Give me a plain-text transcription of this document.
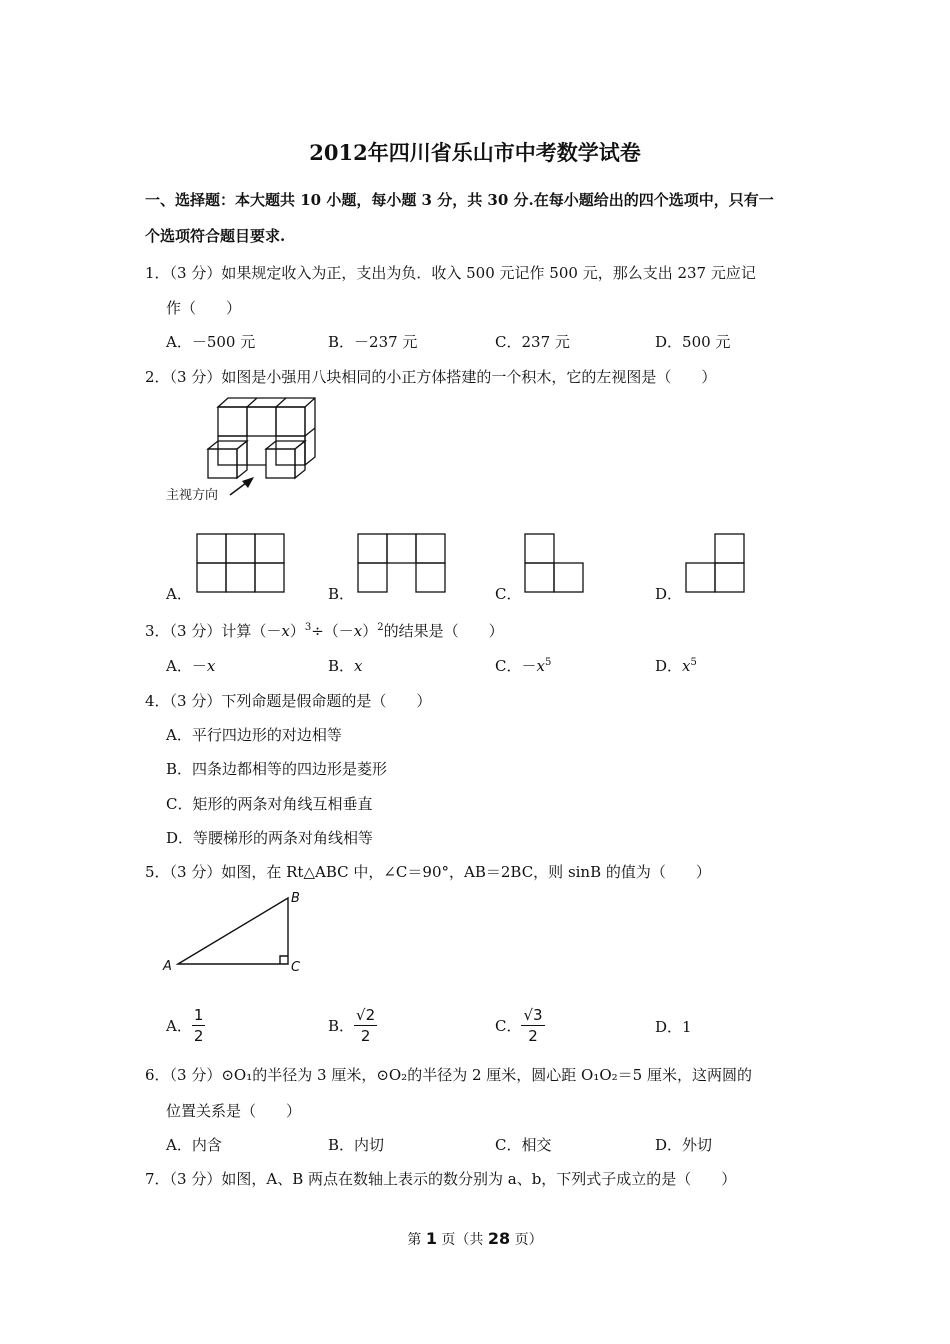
2012年四川省乐山市中考数学试卷
一、选择题：本大题共 10 小题，每小题 3 分，共 30 分.在每小题给出的四个选项中，只有一
个选项符合题目要求.
1．（3 分）如果规定收入为正，支出为负．收入 500 元记作 500 元，那么支出 237 元应记
作（　　）
A．－500 元	B．－237 元	C．237 元	D．500 元
2．（3 分）如图是小强用八块相同的小正方体搭建的一个积木，它的左视图是（　　）
主视方向
A．	B．	C．	D．
3．（3 分）计算$(-x)^3\div(-x)^2$的结果是（　　）
A．－x	B．x	C．$-x^5$	D．$x^5$
4．（3 分）下列命题是假命题的是（　　）
A．平行四边形的对边相等
B．四条边都相等的四边形是菱形
C．矩形的两条对角线互相垂直
D．等腰梯形的两条对角线相等
5．（3 分）如图，在 Rt△ABC 中，∠C＝90°，AB＝2BC，则 sinB 的值为（　　）
A
B
C
A． $\frac{1}{2}$	B． $\frac{√2}{2}$	C． $\frac{√3}{2}$	D．1
6．（3 分）⊙O₁的半径为 3 厘米，⊙O₂的半径为 2 厘米，圆心距 O₁O₂＝5 厘米，这两圆的
位置关系是（　　）
A．内含	B．内切	C．相交	D．外切
7．（3 分）如图，A、B 两点在数轴上表示的数分别为 a、b，下列式子成立的是（　　）
第 1 页（共 28 页）
